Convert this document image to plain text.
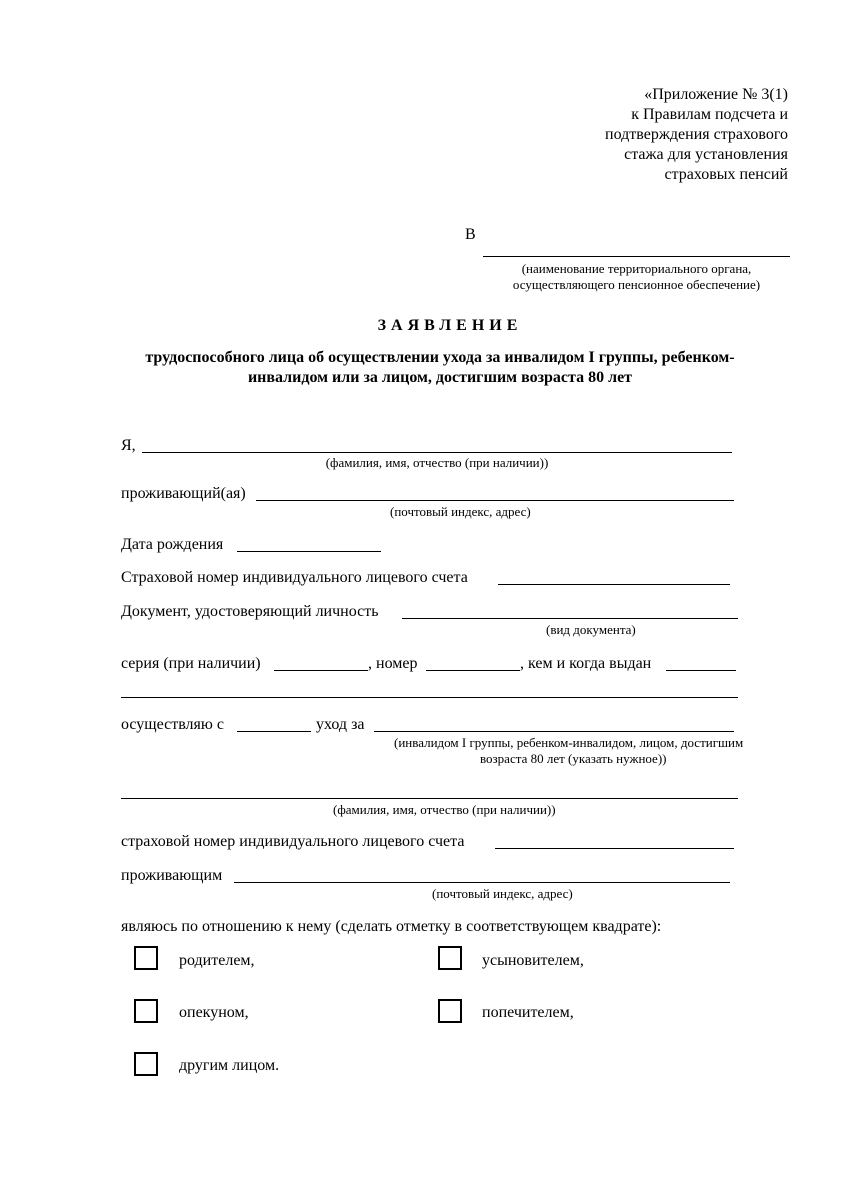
«Приложение № 3(1)
к Правилам подсчета и
подтверждения страхового
стажа для установления
страховых пенсий
В
(наименование территориального органа,
осуществляющего пенсионное обеспечение)
ЗАЯВЛЕНИЕ
трудоспособного лица об осуществлении ухода за инвалидом I группы, ребенком-
инвалидом или за лицом, достигшим возраста 80 лет
Я,
(фамилия, имя, отчество (при наличии))
проживающий(ая)
(почтовый индекс, адрес)
Дата рождения
Страховой номер индивидуального лицевого счета
Документ, удостоверяющий личность
(вид документа)
серия (при наличии)	, номер	, кем и когда выдан
осуществляю с	уход за
(инвалидом I группы, ребенком-инвалидом, лицом, достигшим
возраста 80 лет (указать нужное))
(фамилия, имя, отчество (при наличии))
страховой номер индивидуального лицевого счета
проживающим
(почтовый индекс, адрес)
являюсь по отношению к нему (сделать отметку в соответствующем квадрате):
родителем,	усыновителем,
опекуном,	попечителем,
другим лицом.
